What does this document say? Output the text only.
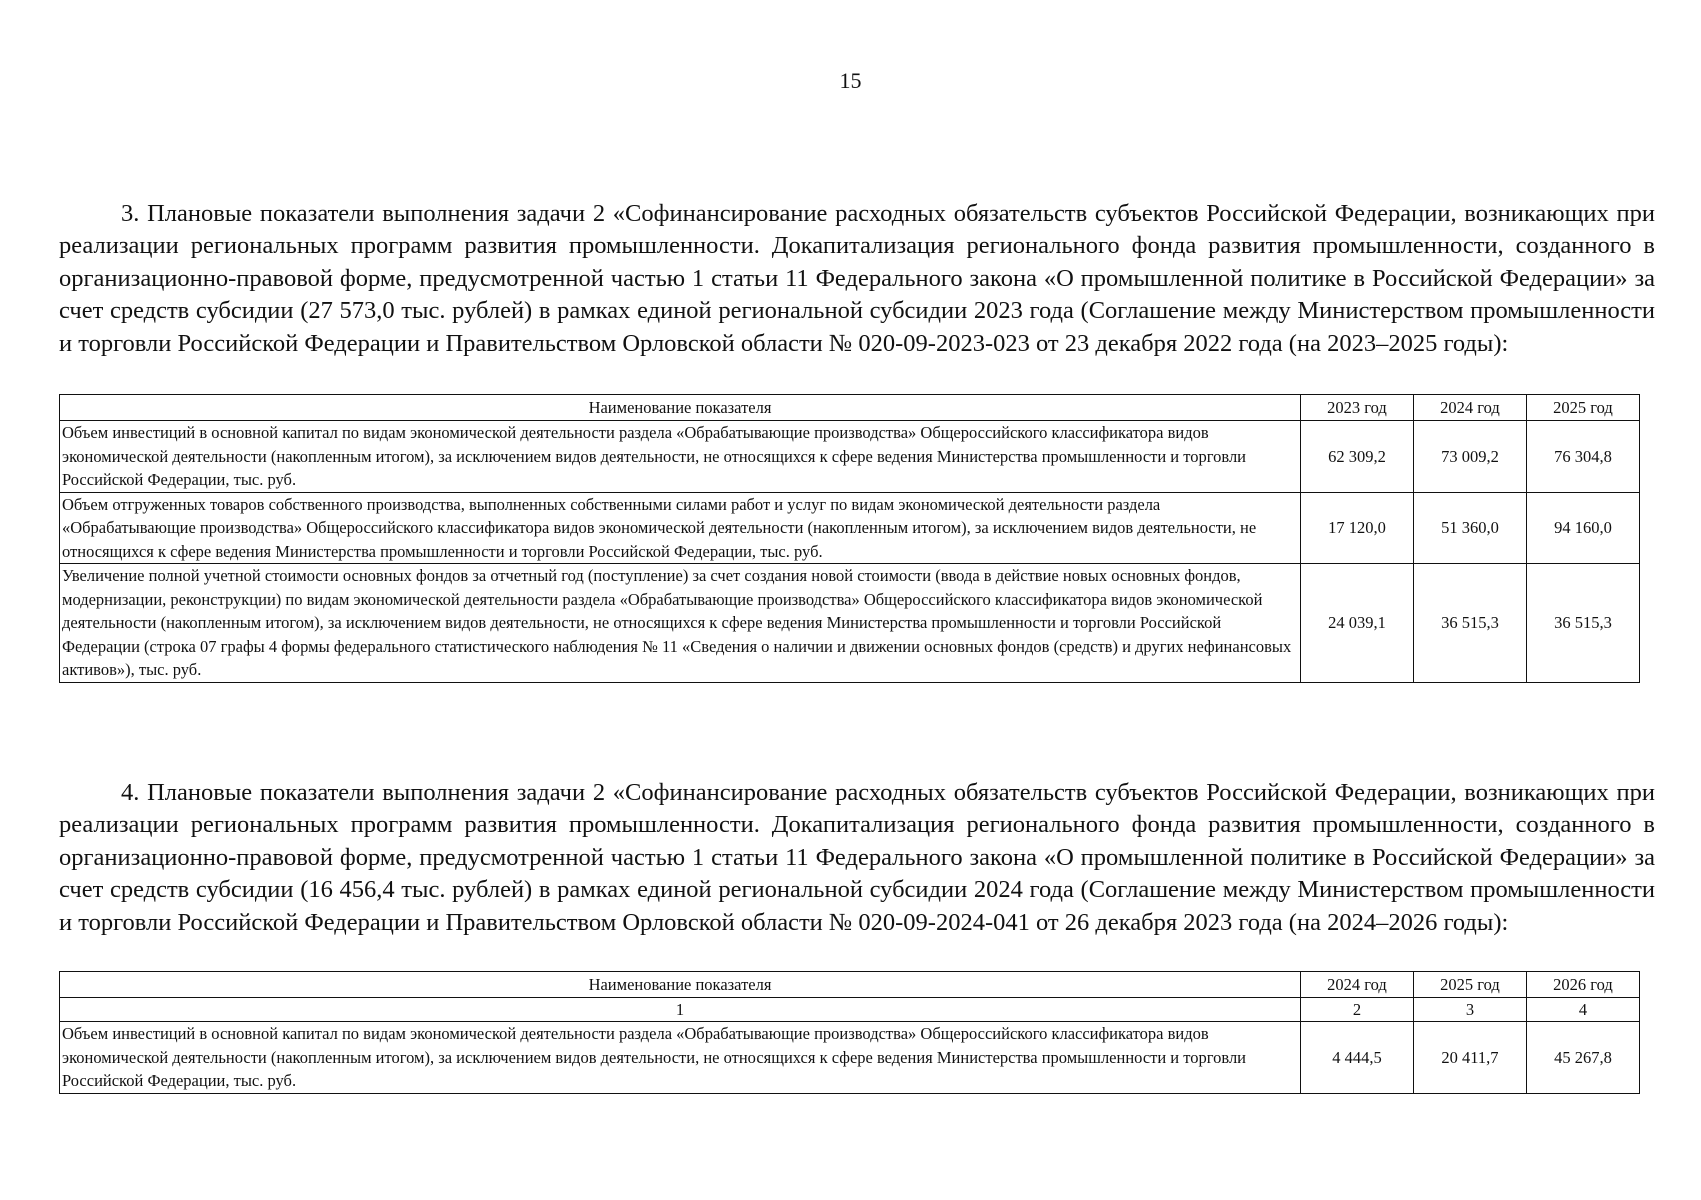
15

3. Плановые показатели выполнения задачи 2 «Софинансирование расходных обязательств субъектов Российской Федерации, возникающих при реализации региональных программ развития промышленности. Докапитализация регионального фонда развития промышленности, созданного в организационно-правовой форме, предусмотренной частью 1 статьи 11 Федерального закона «О промышленной политике в Российской Федерации» за счет средств субсидии (27 573,0 тыс. рублей) в рамках единой региональной субсидии 2023 года (Соглашение между Министерством промышленности и торговли Российской Федерации и Правительством Орловской области № 020-09-2023-023 от 23 декабря 2022 года (на 2023–2025 годы):

Наименование показателя	2023 год	2024 год	2025 год
Объем инвестиций в основной капитал по видам экономической деятельности раздела «Обрабатывающие производства» Общероссийского классификатора видов экономической деятельности (накопленным итогом), за исключением видов деятельности, не относящихся к сфере ведения Министерства промышленности и торговли Российской Федерации, тыс. руб.	62 309,2	73 009,2	76 304,8
Объем отгруженных товаров собственного производства, выполненных собственными силами работ и услуг по видам экономической деятельности раздела «Обрабатывающие производства» Общероссийского классификатора видов экономической деятельности (накопленным итогом), за исключением видов деятельности, не относящихся к сфере ведения Министерства промышленности и торговли Российской Федерации, тыс. руб.	17 120,0	51 360,0	94 160,0
Увеличение полной учетной стоимости основных фондов за отчетный год (поступление) за счет создания новой стоимости (ввода в действие новых основных фондов, модернизации, реконструкции) по видам экономической деятельности раздела «Обрабатывающие производства» Общероссийского классификатора видов экономической деятельности (накопленным итогом), за исключением видов деятельности, не относящихся к сфере ведения Министерства промышленности и торговли Российской Федерации (строка 07 графы 4 формы федерального статистического наблюдения № 11 «Сведения о наличии и движении основных фондов (средств) и других нефинансовых активов»), тыс. руб.	24 039,1	36 515,3	36 515,3

4. Плановые показатели выполнения задачи 2 «Софинансирование расходных обязательств субъектов Российской Федерации, возникающих при реализации региональных программ развития промышленности. Докапитализация регионального фонда развития промышленности, созданного в организационно-правовой форме, предусмотренной частью 1 статьи 11 Федерального закона «О промышленной политике в Российской Федерации» за счет средств субсидии (16 456,4 тыс. рублей) в рамках единой региональной субсидии 2024 года (Соглашение между Министерством промышленности и торговли Российской Федерации и Правительством Орловской области № 020-09-2024-041 от 26 декабря 2023 года (на 2024–2026 годы):

Наименование показателя	2024 год	2025 год	2026 год
1	2	3	4
Объем инвестиций в основной капитал по видам экономической деятельности раздела «Обрабатывающие производства» Общероссийского классификатора видов экономической деятельности (накопленным итогом), за исключением видов деятельности, не относящихся к сфере ведения Министерства промышленности и торговли Российской Федерации, тыс. руб.	4 444,5	20 411,7	45 267,8
